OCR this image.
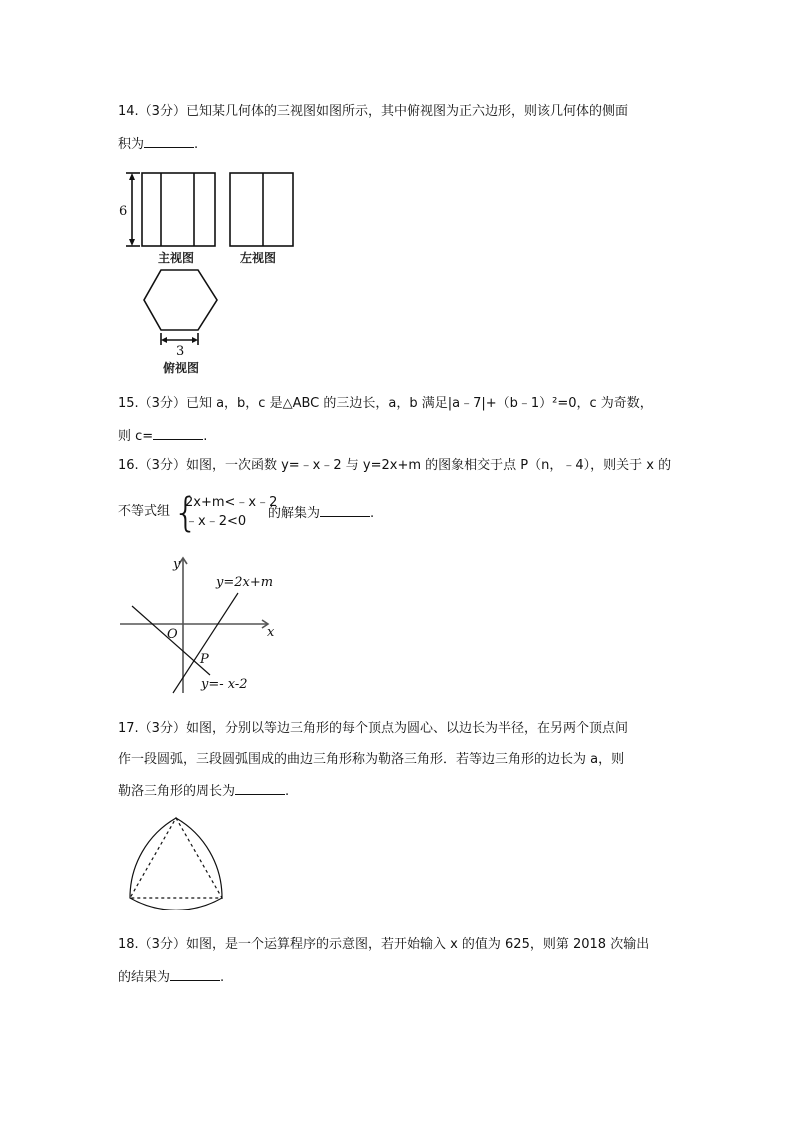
14.（3分）已知某几何体的三视图如图所示，其中俯视图为正六边形，则该几何体的侧面
积为	.
6
3
主视图	左视图
俯视图
15.（3分）已知 a，b，c 是△ABC 的三边长，a，b 满足|a﹣7|+（b﹣1）²=0，c 为奇数，
则 c=	.
16.（3分）如图，一次函数 y=﹣x﹣2 与 y=2x+m 的图象相交于点 P（n，﹣4），则关于 x 的
不等式组 {
2x+m<﹣x﹣2
﹣x﹣2<0
的解集为	.
y
x
O
P
y=2x+m
y=- x-2
17.（3分）如图，分别以等边三角形的每个顶点为圆心、以边长为半径，在另两个顶点间
作一段圆弧，三段圆弧围成的曲边三角形称为勒洛三角形．若等边三角形的边长为 a，则
勒洛三角形的周长为	.
18.（3分）如图，是一个运算程序的示意图，若开始输入 x 的值为 625，则第 2018 次输出
的结果为	.
